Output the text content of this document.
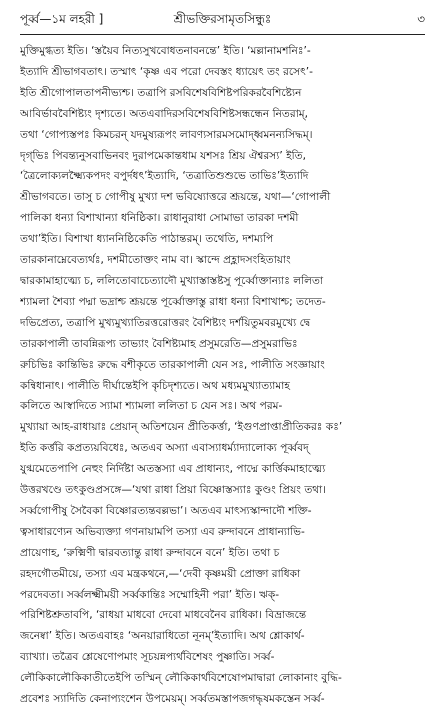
পূর্ব্ব—১ম লহরী ]	শ্রীভক্তিরসামৃতসিন্ধুঃ	৩
মুক্তিমুগ্ধত্য ইতি। ‘স্তয়ৈব নিত্যসুখবোধতনাবনন্তে’ ইতি। ‘মল্লানামশনিঃ’-
ইত্যাদি শ্রীভাগবতাৎ। তস্মাৎ ‘কৃষ্ণ এব পরো দেবস্তং ধ্যায়েৎ তং রসেৎ’-
ইতি শ্রীগোপালতাপনীভ্যশ্চ। তত্রাপি রসবিশেষবিশিষ্টপরিকরবৈশিষ্ট্যেন
আবির্ভাববৈশিষ্ট্যং দৃশ্যতে। অতএবাদিরসবিশেষবিশিষ্টসন্ধন্ধেন নিতরাম্‌,
তথা ‘গোপ্যস্তপঃ কিমচরন্‌ যদমুষ্যরূপং লাবণ্যসারমসমোদ্ধ্বমনন্যসিদ্ধম্‌।
দৃগ্‌ভিঃ পিবন্ত্যনুসবাভিনবং দুরাপমেকান্তধাম যশসঃ শ্রিয় ঐশ্বরস্য’ ইতি,
‘ত্রৈলোক্যলক্ষ্ম্যৈকপদং বপুর্দধৎ’ইত্যাদি, ‘তত্রাতিশুশুভে তাভিঃ’ইত্যাদি
শ্রীভাগবতে। তাসু চ গোপীষু মুখ্যা দশ ভবিষ্যোত্তরে শ্রূয়ন্তে, যথা—‘গোপালী
পালিকা ধন্যা বিশাখান্যা ধনিষ্ঠিকা। রাধানুরাধা সোমাভা তারকা দশমী
তথা’ইতি। বিশাখা ধ্যাননিষ্ঠিকেতি পাঠান্তরম্‌। তথেতি, দশম্যপি
তারকানাম্নেবেত্যর্থঃ, দশমীতোক্তং নাম বা। স্কান্দে প্রহ্লাদসংহিতায়াং
দ্বারকামাহাত্ম্যে চ, ললিতোবাচেত্যাদৌ মুখ্যাস্তাস্তষ্টসু পূর্ব্বোক্তান্যাঃ ললিতা
শ্যামলা শৈব্যা পদ্মা ভদ্রাশ্চ শ্রূয়ন্তে পূর্ব্বোক্তাস্তু রাধা ধন্যা বিশাখাশ্চ; তদেত-
দভিপ্রেত্য, তত্রাপি মুখ্যমুখ্যাতিরত্তরোত্তরং বৈশিষ্ট্যং দর্শয়িতুমবরমুখ্যে দ্বে
তারকাপালী তাবন্নিরূপ্য তাভ্যাং বৈশিষ্ট্যমাহ প্রসুমরেতি—প্রসুমরাভিঃ
রুচিভিঃ কান্তিভিঃ রুদ্ধে বশীকৃতে তারকাপালী যেন সঃ, পালীতি সংজ্ঞায়াং
কন্বিধানাৎ। পালীতি দীর্ঘান্তেইপি কৃচিদৃশ্যতে। অথ মধ্যমমুখ্যাত্যামাহ
কলিতে আস্বাদিতে স্যামা শ্যামলা ললিতা চ যেন সঃ। অথ পরম-
মুখ্যায়া আহ-রাধায়াঃ প্রেয়ান্‌ অতিশয়েন প্রীতিকর্ত্তা, ‘ইগুণপ্রাপ্তাপ্রীতিকরঃ কঃ’
ইতি কর্ত্তরি কপ্রত্যয়বিধেঃ, অতএব অস্যা এবাস্যাধর্ম্যাদ্যালোক্য পূর্ব্ববদ্‌
যুগ্মমেতেপাপি নেহুং নির্দিষ্টা অতস্তস্যা এব প্রাধান্যং, পাদ্মে কার্ত্তিকমাহাত্ম্যে
উত্তরখণ্ডে তৎকুণ্ডপ্রসঙ্গে—‘যথা রাধা প্রিয়া বিষ্ণোস্তস্যাঃ কুণ্ডং প্রিয়ং তথা।
সর্ব্বগোপীষু সৈবৈকা বিষ্ণোরত্যন্তবল্লভা’। অতএব মাৎস্যস্কান্দাদৌ শক্তি-
ত্বসাধারণ্যেন অভিব্যক্ত্যা গণনায়ামপি তস্যা এব রুন্দাবনে প্রাধান্যাভি-
প্রায়েণাহ, ‘রুক্মিণী দ্বারবত্যান্তু রাধা রুন্দাবনে বনে’ ইতি। তথা চ
রহদগৌতমীয়ে, তস্যা এব মন্ত্রকথনে,—‘দেবী কৃষ্ণময়ী প্রোক্তা রাধিকা
পরদেবতা। সর্ব্বলক্ষ্মীময়ী সর্ব্বকান্তিঃ সম্মোহিনী পরা’ ইতি। ঋক্‌-
পরিশিষ্টশ্রুতাবপি, ‘রাধয়া মাধবো দেবো মাধবেনৈব রাধিকা। বিভ্রাজন্তে
জনেষ্বা’ ইতি। অতএবাহঃ ‘অনয়ারাধিতো নূনম্‌’ইত্যাদি। অথ শ্লোকার্থ-
ব্যাখ্যা। তত্রৈব শ্লেষেণোপমাং সূচয়ন্নপ্যর্থবিশেষং পুষ্ণাতি। সর্ব্ব-
লৌকিকালৌকিকাতীতেইপি তস্মিন্‌ লৌকিকার্থবিশেষোপমাদ্বারা লোকানাং বুদ্ধি-
প্রবেশঃ স্যাদিতি কেনাপ্যংশেন উপমেয়ম্‌। সর্ব্বতমস্তাপজগদ্ধৃষমকস্তেন সর্ব্ব-
